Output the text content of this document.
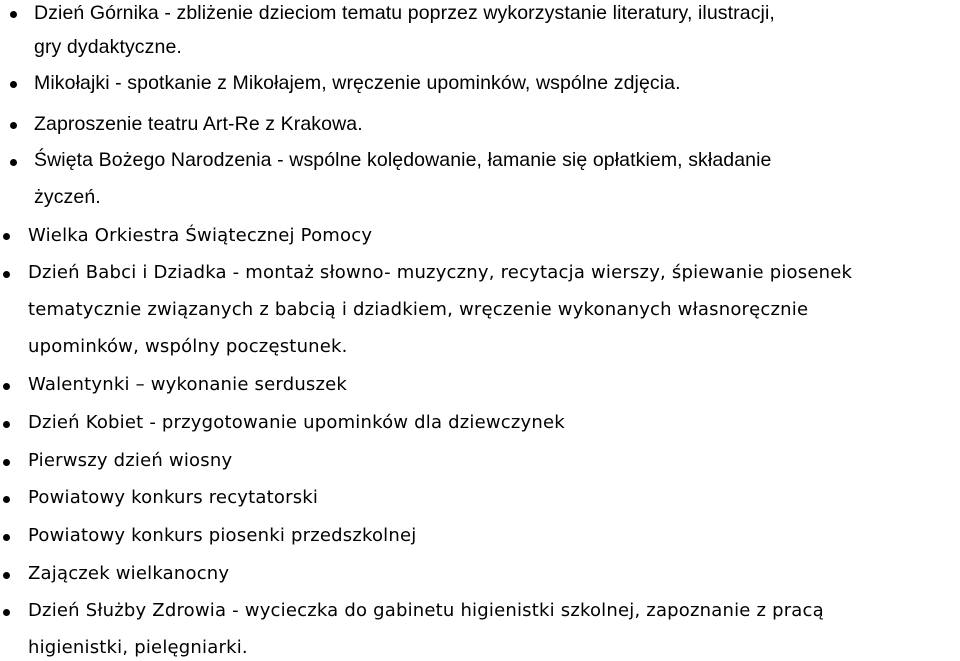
Dzień Górnika - zbliżenie dzieciom tematu poprzez wykorzystanie literatury, ilustracji,
gry dydaktyczne.
Mikołajki - spotkanie z Mikołajem, wręczenie upominków, wspólne zdjęcia.
Zaproszenie teatru Art-Re z Krakowa.
Święta Bożego Narodzenia - wspólne kolędowanie, łamanie się opłatkiem, składanie
życzeń.
Wielka Orkiestra Świątecznej Pomocy
Dzień Babci i Dziadka - montaż słowno- muzyczny, recytacja wierszy, śpiewanie piosenek
tematycznie związanych z babcią i dziadkiem, wręczenie wykonanych własnoręcznie
upominków, wspólny poczęstunek.
Walentynki – wykonanie serduszek
Dzień Kobiet - przygotowanie upominków dla dziewczynek
Pierwszy dzień wiosny
Powiatowy konkurs recytatorski
Powiatowy konkurs piosenki przedszkolnej
Zajączek wielkanocny
Dzień Służby Zdrowia - wycieczka do gabinetu higienistki szkolnej, zapoznanie z pracą
higienistki, pielęgniarki.
